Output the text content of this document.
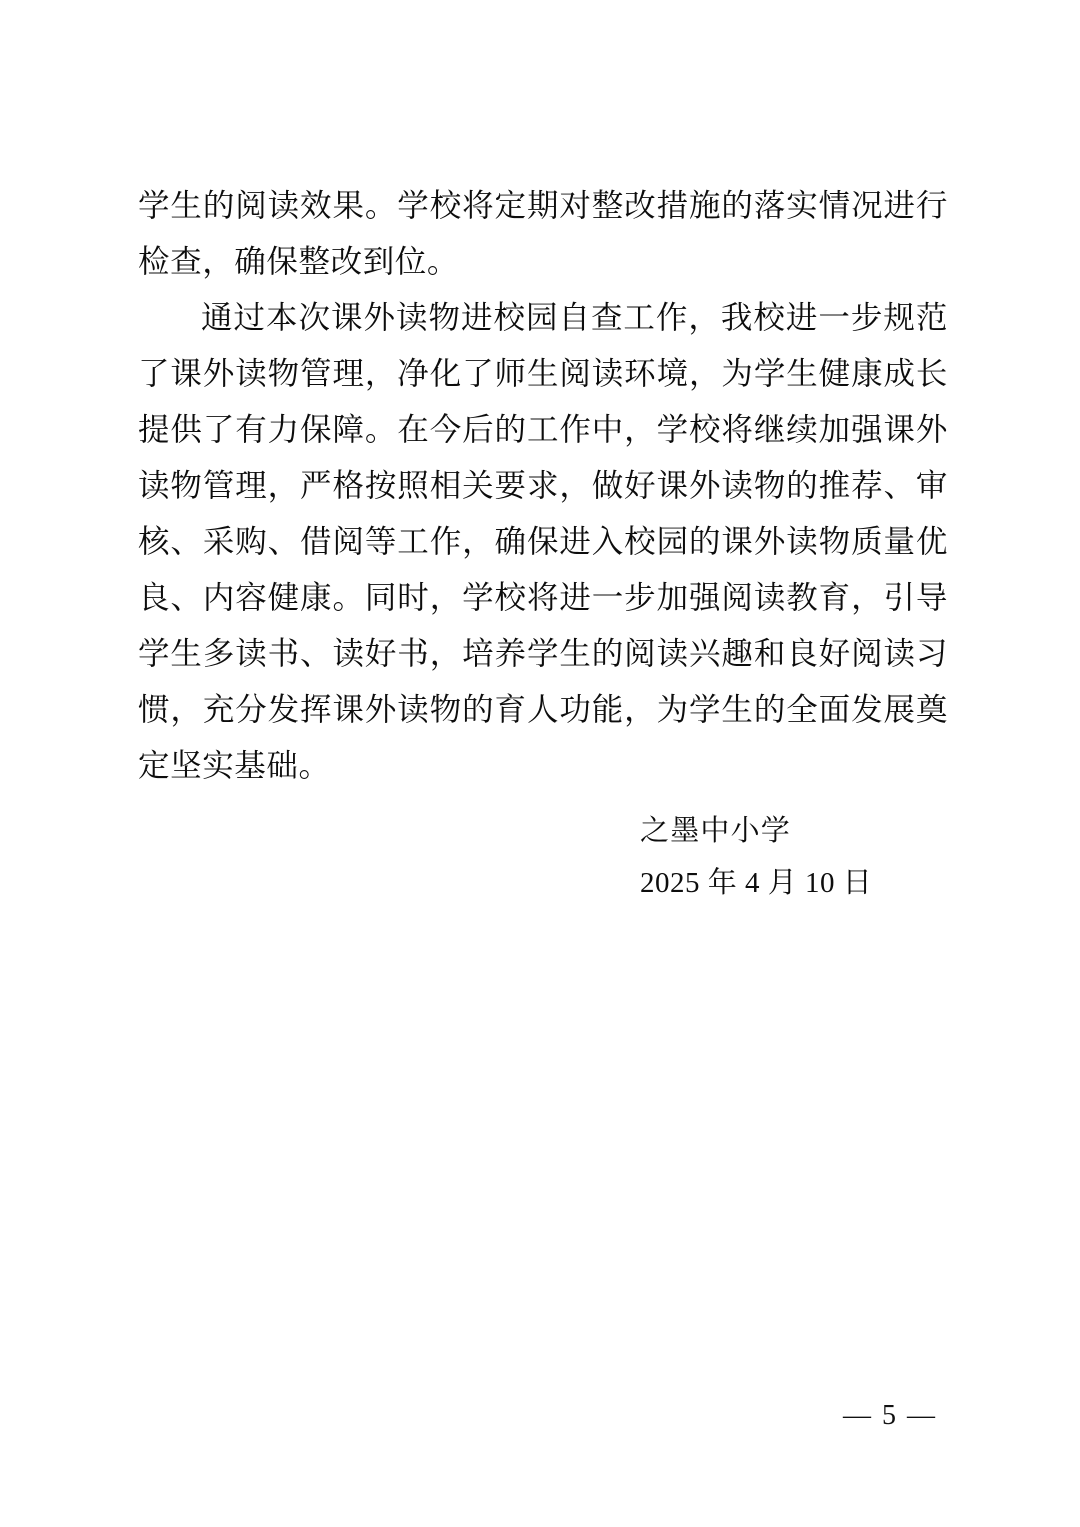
学生的阅读效果。学校将定期对整改措施的落实情况进行检查，确保整改到位。

通过本次课外读物进校园自查工作，我校进一步规范了课外读物管理，净化了师生阅读环境，为学生健康成长提供了有力保障。在今后的工作中，学校将继续加强课外读物管理，严格按照相关要求，做好课外读物的推荐、审核、采购、借阅等工作，确保进入校园的课外读物质量优良、内容健康。同时，学校将进一步加强阅读教育，引导学生多读书、读好书，培养学生的阅读兴趣和良好阅读习惯，充分发挥课外读物的育人功能，为学生的全面发展奠定坚实基础。

之墨中小学
2025 年 4 月 10 日
— 5 —
